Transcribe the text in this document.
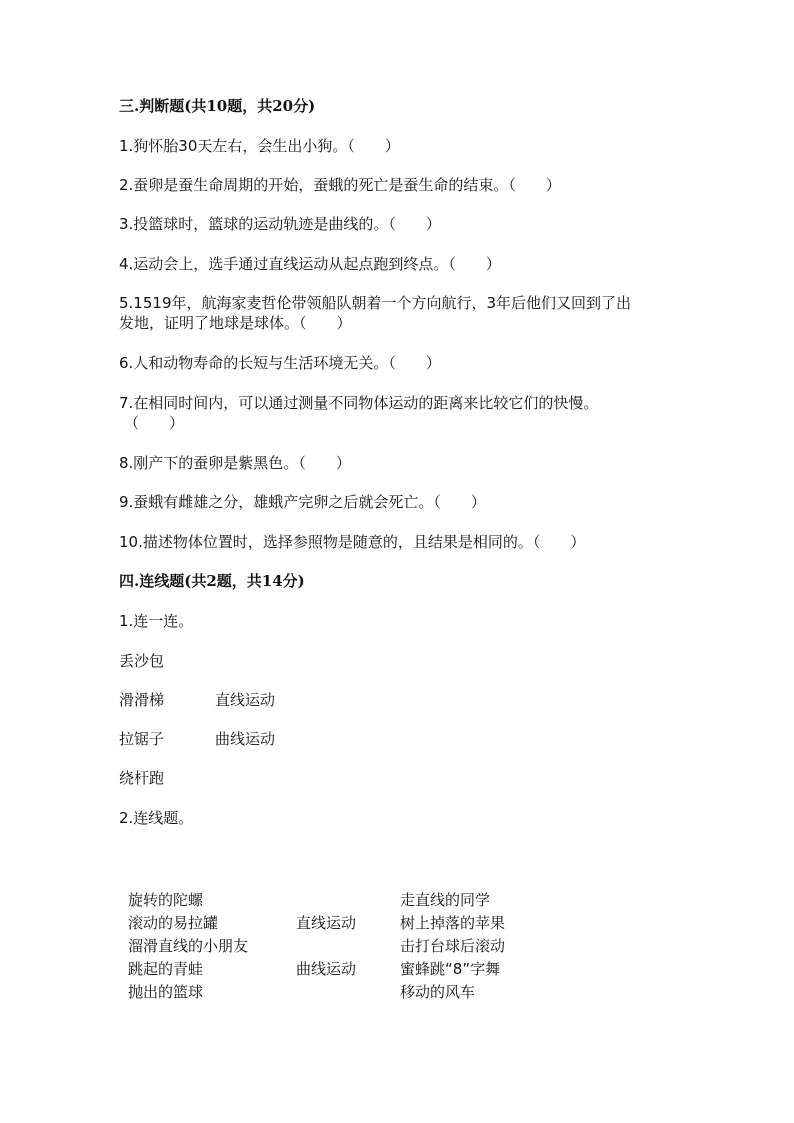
三.判断题(共10题，共20分)
1.狗怀胎30天左右，会生出小狗。（　　）
2.蚕卵是蚕生命周期的开始，蚕蛾的死亡是蚕生命的结束。（　　）
3.投篮球时，篮球的运动轨迹是曲线的。（　　）
4.运动会上，选手通过直线运动从起点跑到终点。（　　）
5.1519年，航海家麦哲伦带领船队朝着一个方向航行，3年后他们又回到了出
发地，证明了地球是球体。（　　）
6.人和动物寿命的长短与生活环境无关。（　　）
7.在相同时间内，可以通过测量不同物体运动的距离来比较它们的快慢。
（　　）
8.刚产下的蚕卵是紫黑色。（　　）
9.蚕蛾有雌雄之分，雄蛾产完卵之后就会死亡。（　　）
10.描述物体位置时，选择参照物是随意的，且结果是相同的。（　　）
四.连线题(共2题，共14分)
1.连一连。
丢沙包
滑滑梯	直线运动
拉锯子	曲线运动
绕杆跑
2.连线题。
旋转的陀螺
滚动的易拉罐
溜滑直线的小朋友
跳起的青蛙
抛出的篮球
直线运动
曲线运动
走直线的同学
树上掉落的苹果
击打台球后滚动
蜜蜂跳“8”字舞
移动的风车
